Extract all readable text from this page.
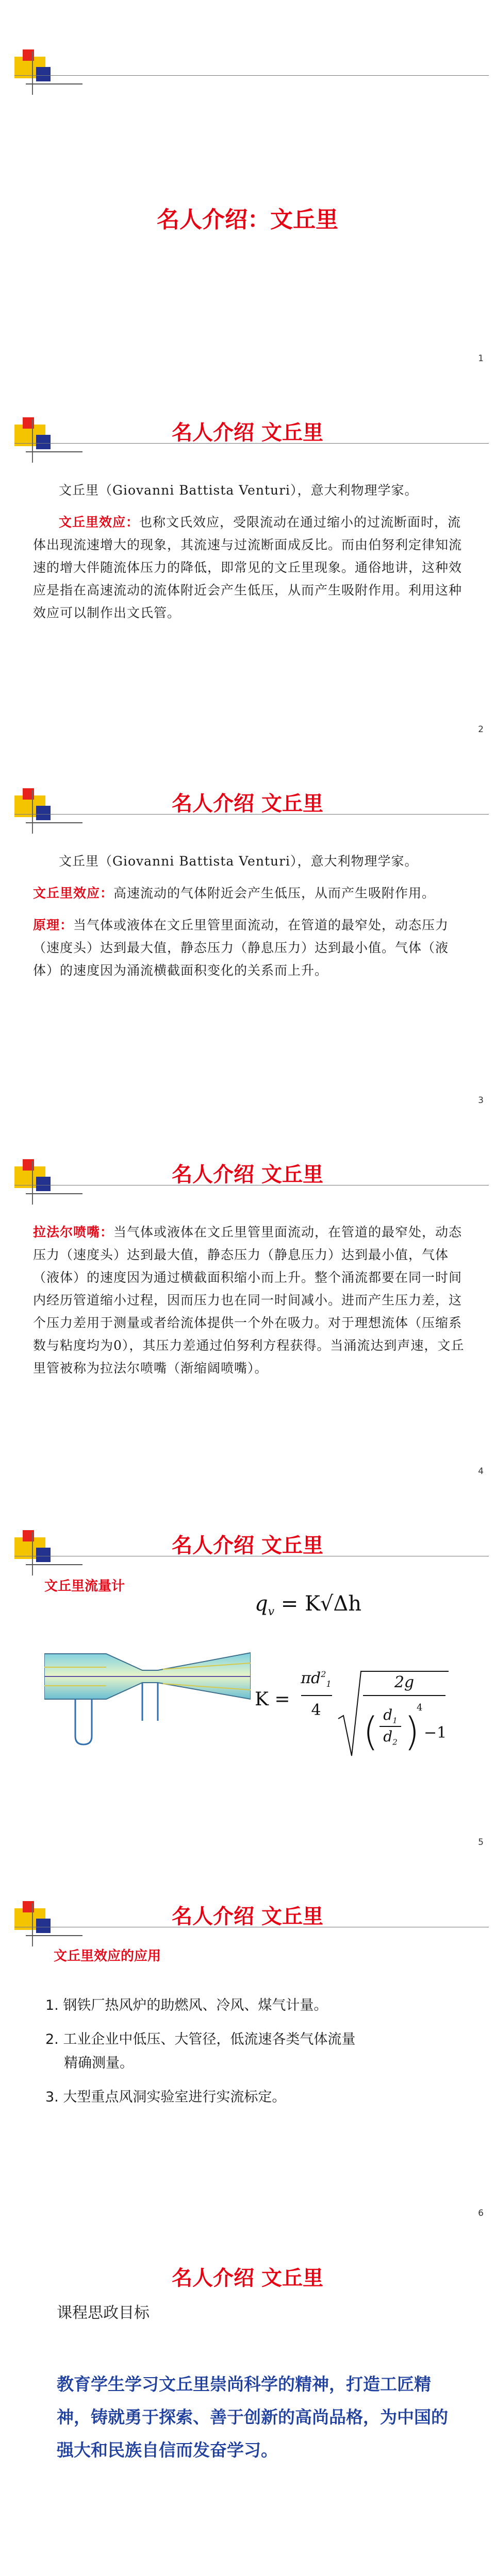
名人介绍：文丘里
1
名人介绍 文丘里

文丘里（Giovanni Battista Venturi），意大利物理学家。

文丘里效应：也称文氏效应，受限流动在通过缩小的过流断面时，流体出现流速增大的现象，其流速与过流断面成反比。而由伯努利定律知流速的增大伴随流体压力的降低，即常见的文丘里现象。通俗地讲，这种效应是指在高速流动的流体附近会产生低压，从而产生吸附作用。利用这种效应可以制作出文氏管。

2
名人介绍 文丘里

文丘里（Giovanni Battista Venturi），意大利物理学家。

文丘里效应：高速流动的气体附近会产生低压，从而产生吸附作用。

原理：当气体或液体在文丘里管里面流动，在管道的最窄处，动态压力（速度头）达到最大值，静态压力（静息压力）达到最小值。气体（液体）的速度因为涌流横截面积变化的关系而上升。

3
名人介绍 文丘里

拉法尔喷嘴：当气体或液体在文丘里管里面流动，在管道的最窄处，动态压力（速度头）达到最大值，静态压力（静息压力）达到最小值，气体（液体）的速度因为通过横截面积缩小而上升。整个涌流都要在同一时间内经历管道缩小过程，因而压力也在同一时间减小。进而产生压力差，这个压力差用于测量或者给流体提供一个外在吸力。对于理想流体（压缩系数与粘度均为0），其压力差通过伯努利方程获得。当涌流达到声速，文丘里管被称为拉法尔喷嘴（渐缩阔喷嘴）。

4
名人介绍 文丘里
文丘里流量计
$q_v = K√\Delta h$
K =
$\pi d^2_1$
4
2g
( $d_1$
$d_2$ )
4
−1
5
名人介绍 文丘里
文丘里效应的应用
1. 钢铁厂热风炉的助燃风、冷风、煤气计量。
2. 工业企业中低压、大管径，低流速各类气体流量
精确测量。
3. 大型重点风洞实验室进行实流标定。
6
名人介绍 文丘里
课程思政目标
教育学生学习文丘里崇尚科学的精神，打造工匠精神，铸就勇于探索、善于创新的高尚品格，为中国的强大和民族自信而发奋学习。
